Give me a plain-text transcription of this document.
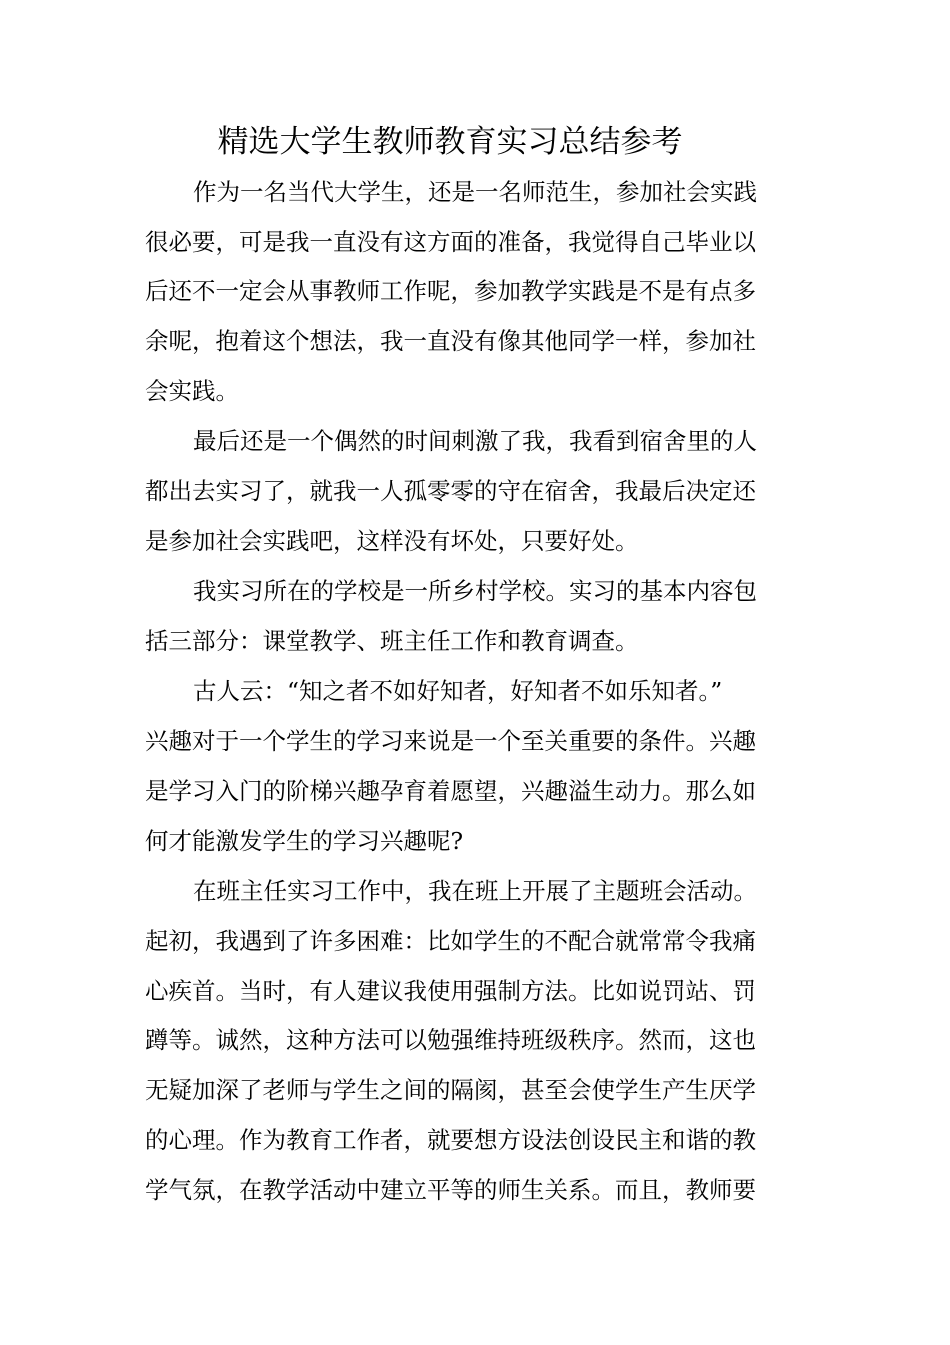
精选大学生教师教育实习总结参考
作为一名当代大学生，还是一名师范生，参加社会实践
很必要，可是我一直没有这方面的准备，我觉得自己毕业以
后还不一定会从事教师工作呢，参加教学实践是不是有点多
余呢，抱着这个想法，我一直没有像其他同学一样，参加社
会实践。
最后还是一个偶然的时间刺激了我，我看到宿舍里的人
都出去实习了，就我一人孤零零的守在宿舍，我最后决定还
是参加社会实践吧，这样没有坏处，只要好处。
我实习所在的学校是一所乡村学校。实习的基本内容包
括三部分：课堂教学、班主任工作和教育调查。
古人云：“知之者不如好知者，好知者不如乐知者。”
兴趣对于一个学生的学习来说是一个至关重要的条件。兴趣
是学习入门的阶梯兴趣孕育着愿望，兴趣溢生动力。那么如
何才能激发学生的学习兴趣呢?
在班主任实习工作中，我在班上开展了主题班会活动。
起初，我遇到了许多困难：比如学生的不配合就常常令我痛
心疾首。当时，有人建议我使用强制方法。比如说罚站、罚
蹲等。诚然，这种方法可以勉强维持班级秩序。然而，这也
无疑加深了老师与学生之间的隔阂，甚至会使学生产生厌学
的心理。作为教育工作者，就要想方设法创设民主和谐的教
学气氛，在教学活动中建立平等的师生关系。而且，教师要
